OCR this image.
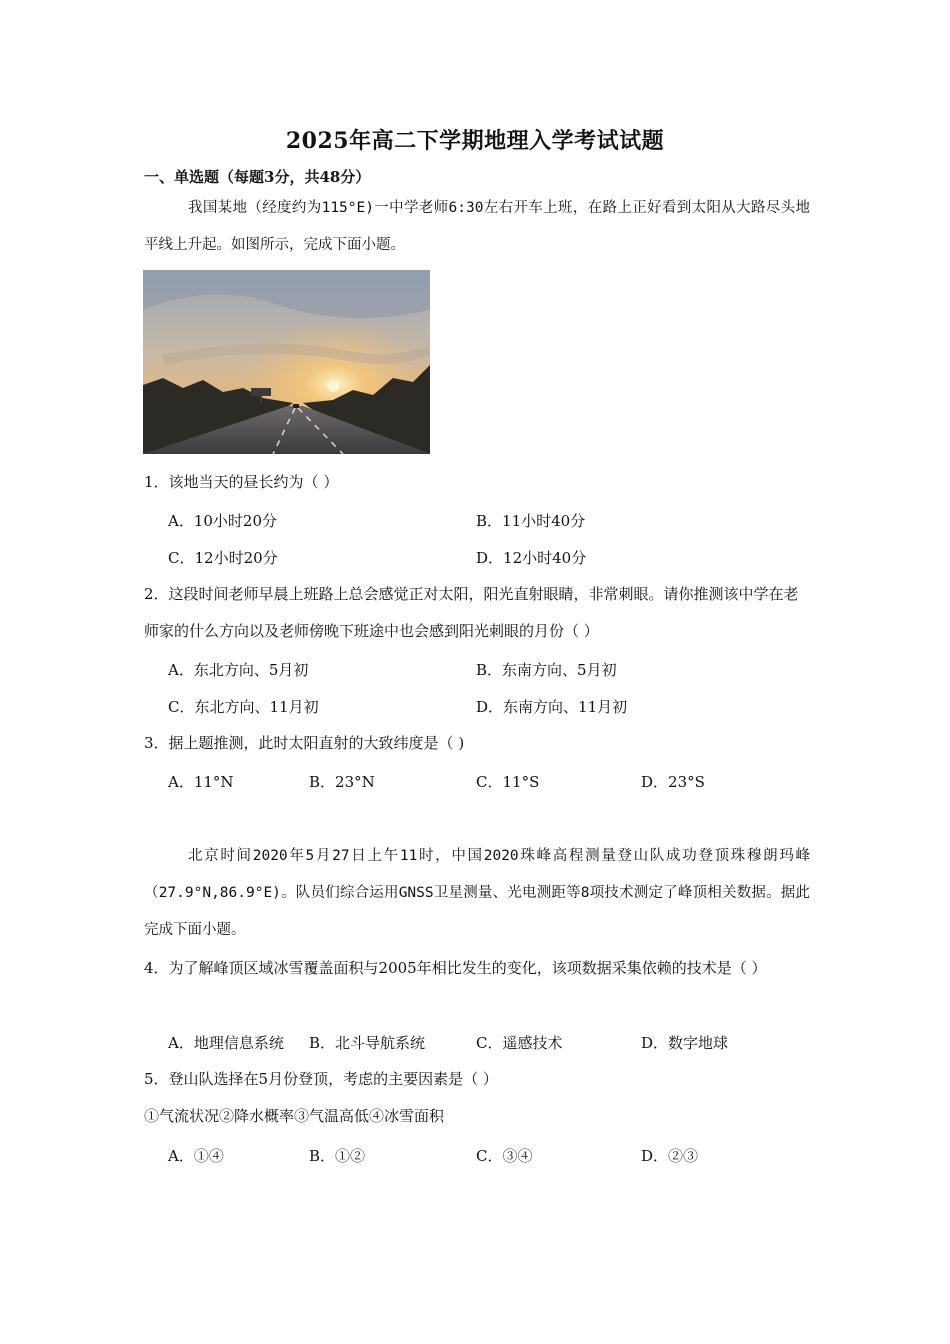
2025年高二下学期地理入学考试试题
一、单选题（每题3分，共48分）
我国某地（经度约为115°E)一中学老师6:30左右开车上班，在路上正好看到太阳从大路尽头地平线上升起。如图所示，完成下面小题。
1．该地当天的昼长约为（ ）
A．10小时20分	B．11小时40分
C．12小时20分	D．12小时40分
2．这段时间老师早晨上班路上总会感觉正对太阳，阳光直射眼睛，非常刺眼。请你推测该中学在老师家的什么方向以及老师傍晚下班途中也会感到阳光刺眼的月份（ ）
A．东北方向、5月初	B．东南方向、5月初
C．东北方向、11月初	D．东南方向、11月初
3．据上题推测，此时太阳直射的大致纬度是（ )
A．11°N	B．23°N	C．11°S	D．23°S
北京时间2020年5月27日上午11时，中国2020珠峰高程测量登山队成功登顶珠穆朗玛峰（27.9°N,86.9°E)。队员们综合运用GNSS卫星测量、光电测距等8项技术测定了峰顶相关数据。据此完成下面小题。
4．为了解峰顶区域冰雪覆盖面积与2005年相比发生的变化，该项数据采集依赖的技术是（ ）
A．地理信息系统 B．北斗导航系统	C．遥感技术	D．数字地球
5．登山队选择在5月份登顶，考虑的主要因素是（ ）
①气流状况②降水概率③气温高低④冰雪面积
A．①④	B．①②	C．③④	D．②③
